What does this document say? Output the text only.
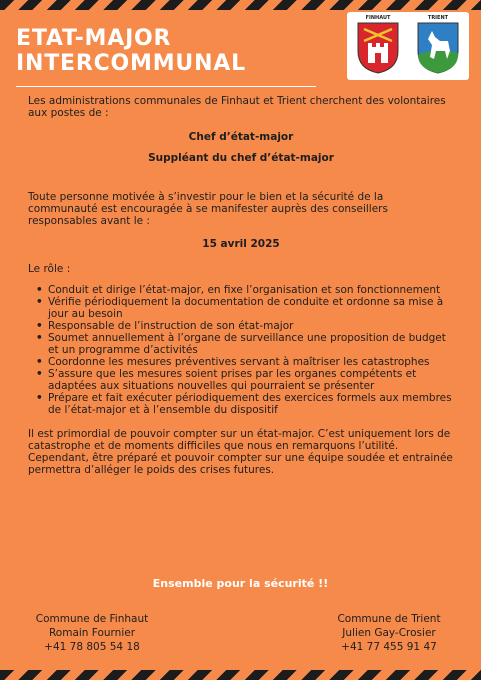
ETAT-MAJOR
INTERCOMMUNAL
FINHAUT	TRIENT

Les administrations communales de Finhaut et Trient cherchent des volontaires aux postes de :

Chef d’état-major

Suppléant du chef d’état-major

Toute personne motivée à s’investir pour le bien et la sécurité de la communauté est encouragée à se manifester auprès des conseillers responsables avant le :

15 avril 2025

Le rôle :

• Conduit et dirige l’état-major, en fixe l’organisation et son fonctionnement
• Vérifie périodiquement la documentation de conduite et ordonne sa mise à jour au besoin
• Responsable de l’instruction de son état-major
• Soumet annuellement à l’organe de surveillance une proposition de budget et un programme d’activités
• Coordonne les mesures préventives servant à maîtriser les catastrophes
• S’assure que les mesures soient prises par les organes compétents et adaptées aux situations nouvelles qui pourraient se présenter
• Prépare et fait exécuter périodiquement des exercices formels aux membres de l’état-major et à l’ensemble du dispositif

Il est primordial de pouvoir compter sur un état-major. C’est uniquement lors de catastrophe et de moments difficiles que nous en remarquons l’utilité. Cependant, être préparé et pouvoir compter sur une équipe soudée et entrainée permettra d’alléger le poids des crises futures.

Ensemble pour la sécurité !!
Commune de Finhaut
Romain Fournier
+41 78 805 54 18
Commune de Trient
Julien Gay-Crosier
+41 77 455 91 47
